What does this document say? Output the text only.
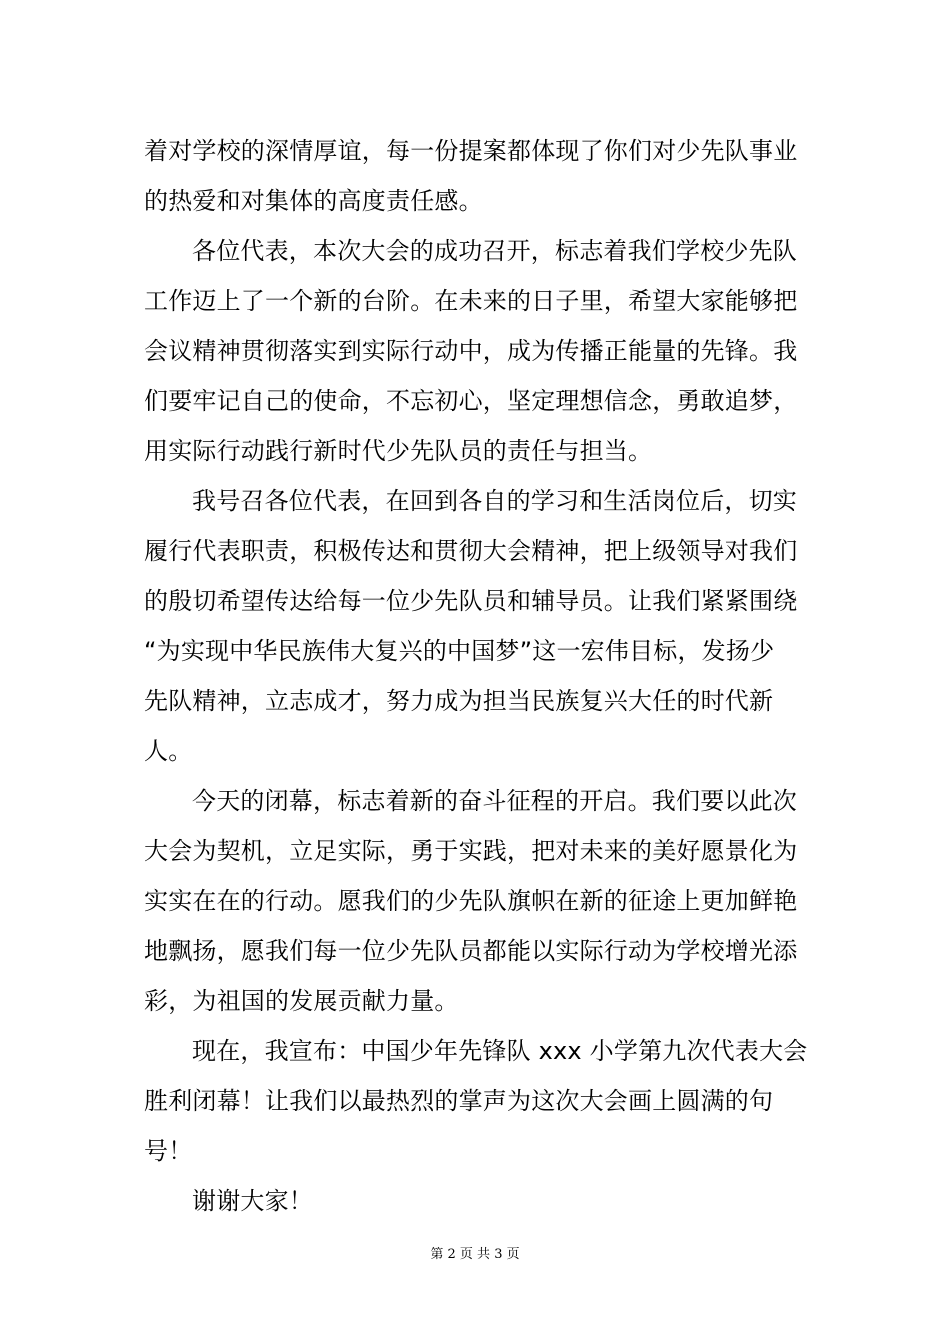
着对学校的深情厚谊，每一份提案都体现了你们对少先队事业
的热爱和对集体的高度责任感。
各位代表，本次大会的成功召开，标志着我们学校少先队
工作迈上了一个新的台阶。在未来的日子里，希望大家能够把
会议精神贯彻落实到实际行动中，成为传播正能量的先锋。我
们要牢记自己的使命，不忘初心，坚定理想信念，勇敢追梦，
用实际行动践行新时代少先队员的责任与担当。
我号召各位代表，在回到各自的学习和生活岗位后，切实
履行代表职责，积极传达和贯彻大会精神，把上级领导对我们
的殷切希望传达给每一位少先队员和辅导员。让我们紧紧围绕
“为实现中华民族伟大复兴的中国梦”这一宏伟目标，发扬少
先队精神，立志成才，努力成为担当民族复兴大任的时代新
人。
今天的闭幕，标志着新的奋斗征程的开启。我们要以此次
大会为契机，立足实际，勇于实践，把对未来的美好愿景化为
实实在在的行动。愿我们的少先队旗帜在新的征途上更加鲜艳
地飘扬，愿我们每一位少先队员都能以实际行动为学校增光添
彩，为祖国的发展贡献力量。
现在，我宣布：中国少年先锋队 xxx 小学第九次代表大会
胜利闭幕！让我们以最热烈的掌声为这次大会画上圆满的句
号！
谢谢大家！
第 2 页 共 3 页
